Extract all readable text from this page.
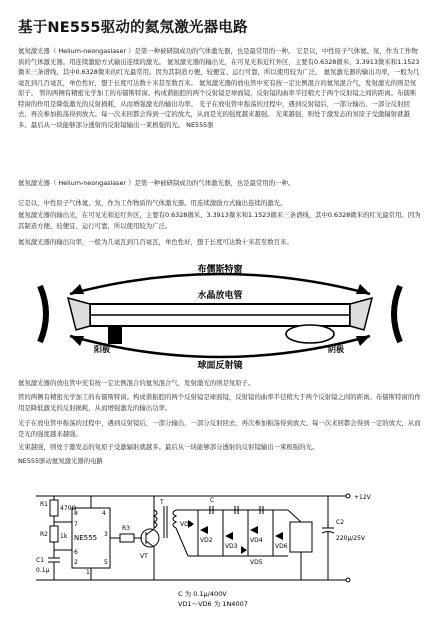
基于NE555驱动的氦氖激光器电路
氦氖激光器（ Helium-neongaslaser ）是第一种被研制成功的气体激光器，也是最常用的一种。 它是以，中性原子气体氦、氖，作为工作物质的气体激光器。用连续激励方式输出连续的激光。 氦氖激光器的输出光，在可见光和近红外区，主要有0.6328微米、3.3913微米和1.1523微米三条谱线，其中0.6328微米的红光最常用。因为其制造方便、较便宜、运行可靠，所以使用较为广泛。 氦氖激光器的输出功率，一般为几毫瓦到几百毫瓦，单色性好，想于长度可达数十米甚至数百米。 氦氖激光器的放电管中充有按一定比例混合的氦氖混合气，发射激光的则是氖原子。 管的两侧有精密光学加工的布儒斯特窗。构成谐振腔的两个反射镜是球面镜，反射镜的曲率半径稍大于两个反射镜之间的距离。布儒斯特窗的作用是降低激光的反射损耗，从而增强激光的输出功率。 光子在放电管中振荡的过程中，遇到反射镜后，一部分输出，一部分反射回去，再次参加振荡得到放大。每一次来回都会得到一定的放大，从而是光的强度越来越强。 光束越强，则处于激发态的氖原子受激辐射就越多。最后从一块能够部分透射的反射镜输出一束极强的光。 NE555驱
氦氖激光器（ Helium-neongaslaser ）是第一种被研制成功的气体激光器，也是最常用的一种。
它是以，中性原子气体氦、氖，作为工作物质的气体激光器。用连续激励方式输出连续的激光。
氦氖激光器的输出光，在可见光和近红外区，主要有0.6328微米、3.3913微米和1.1523微米三条谱线，其中0.6328微米的红光最常用。因为其制造方便、较便宜、运行可靠，所以使用较为广泛。
氦氖激光器的输出功率，一般为几毫瓦到几百毫瓦，单色性好，想于长度可达数十米甚至数百米。
布儒斯特窗
水晶放电管
阳极	阴极
球面反射镜
氦氖激光器的放电管中充有按一定比例混合的氦氖混合气，发射激光的则是氖原子。
管的两侧有精密光学加工的布儒斯特窗。构成谐振腔的两个反射镜是球面镜，反射镜的曲率半径稍大于两个反射镜之间的距离。布儒斯特窗的作用是降低激光的反射损耗，从而增强激光的输出功率。
光子在放电管中振荡的过程中，遇到反射镜后，一部分输出，一部分反射回去，再次参加振荡得到放大。每一次来回都会得到一定的放大，从而是光的强度越来越强。
光束越强，则处于激发态的氖原子受激辐射就越多。最后从一块能够部分透射的反射镜输出一束极强的光。
NE555驱动氦氖激光器的电路
R1
470Ω
R2 1k
C1
0.1μ
NE555
8	4
7
6
2
3
1
5
R3
VT
T
VD1
VD2
VD3
VD4
VD5
VD6
C
C2
220μ/25V
+12V
C 为 0.1μ/400V
VD1～VD6 为 1N4007
